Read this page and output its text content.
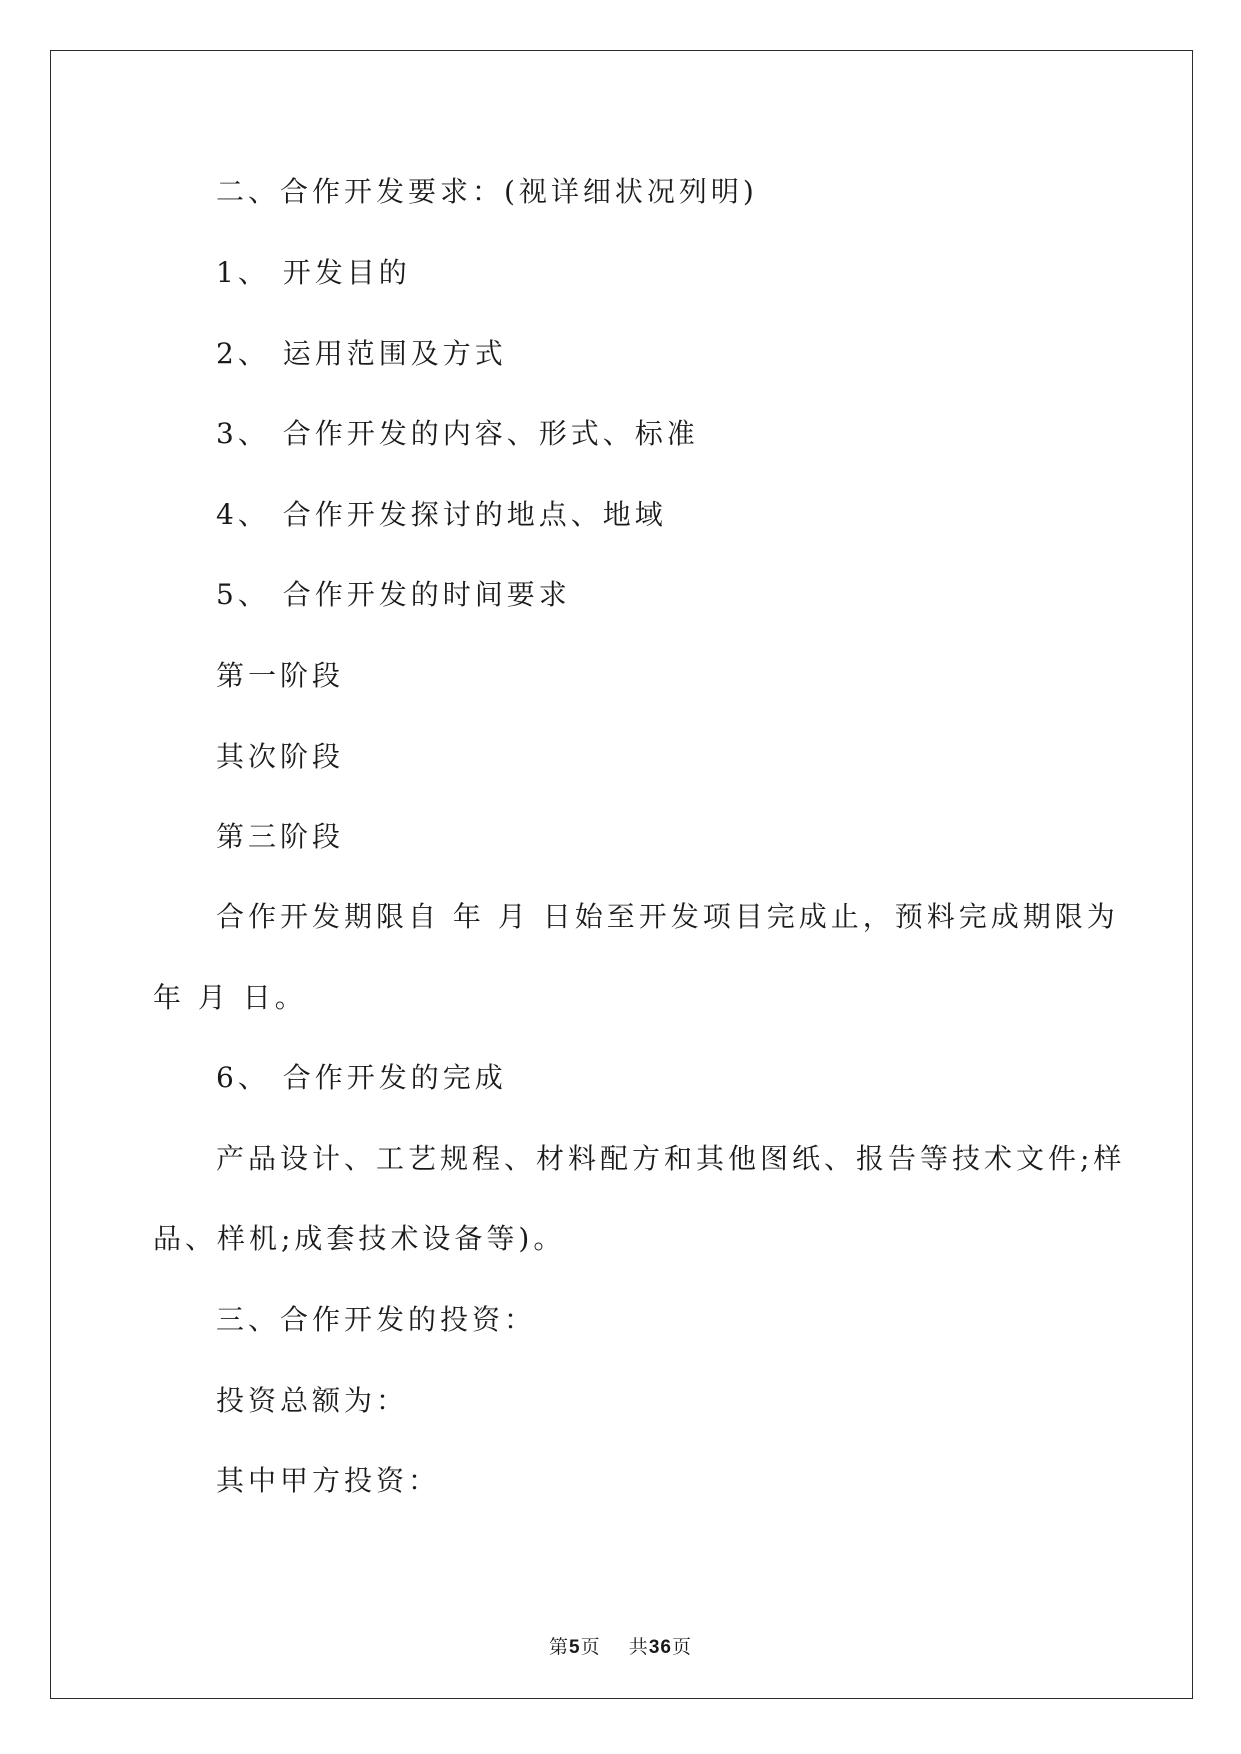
二、合作开发要求：(视详细状况列明)
1、 开发目的
2、 运用范围及方式
3、 合作开发的内容、形式、标准
4、 合作开发探讨的地点、地域
5、 合作开发的时间要求
第一阶段
其次阶段
第三阶段
合作开发期限自 年 月 日始至开发项目完成止，预料完成期限为
年 月 日。
6、 合作开发的完成
产品设计、工艺规程、材料配方和其他图纸、报告等技术文件;样
品、样机;成套技术设备等)。
三、合作开发的投资：
投资总额为：
其中甲方投资：
第5页 共36页
